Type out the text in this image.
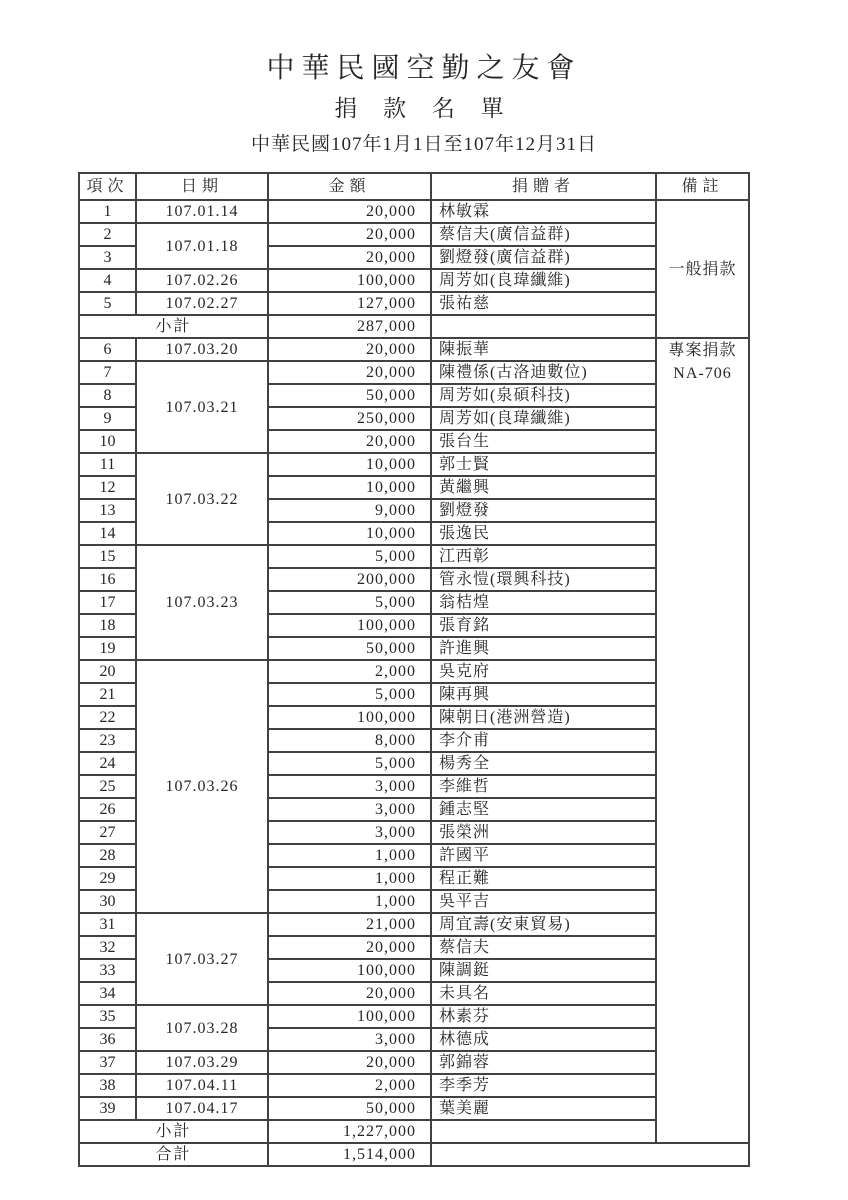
中華民國空勤之友會
捐 款 名 單
中華民國107年1月1日至107年12月31日
項次	日期	金額	捐贈者	備註
1	107.01.14	20,000	林敏霖	一般捐款

2	107.01.18	20,000	蔡信夫(廣信益群)	
3		20,000	劉燈發(廣信益群)	
4	107.02.26	100,000	周芳如(良瑋纖維)	
5	107.02.27	127,000	張祐慈	
小計		287,000		
6	107.03.20	20,000	陳振華	專案捐款
NA-706

7	107.03.21	20,000	陳禮係(古洛迪數位)	
8		50,000	周芳如(泉碩科技)	
9		250,000	周芳如(良瑋纖維)	
10		20,000	張台生	
11	107.03.22	10,000	郭士賢	
12		10,000	黃繼興	
13		9,000	劉燈發	
14		10,000	張逸民	
15	107.03.23	5,000	江西彰	
16		200,000	管永愷(環興科技)	
17		5,000	翁桔煌	
18		100,000	張育銘	
19		50,000	許進興	
20	107.03.26	2,000	吳克府	
21		5,000	陳再興	
22		100,000	陳朝日(港洲營造)	
23		8,000	李介甫	
24		5,000	楊秀全	
25		3,000	李維哲	
26		3,000	鍾志堅	
27		3,000	張榮洲	
28		1,000	許國平	
29		1,000	程正難	
30		1,000	吳平吉	
31	107.03.27	21,000	周宜壽(安東貿易)	
32		20,000	蔡信夫	
33		100,000	陳調鋌	
34		20,000	未具名	
35	107.03.28	100,000	林素芬	
36		3,000	林德成	
37	107.03.29	20,000	郭錦蓉	
38	107.04.11	2,000	李季芳	
39	107.04.17	50,000	葉美麗	
小計		1,227,000		
合計		1,514,000		
